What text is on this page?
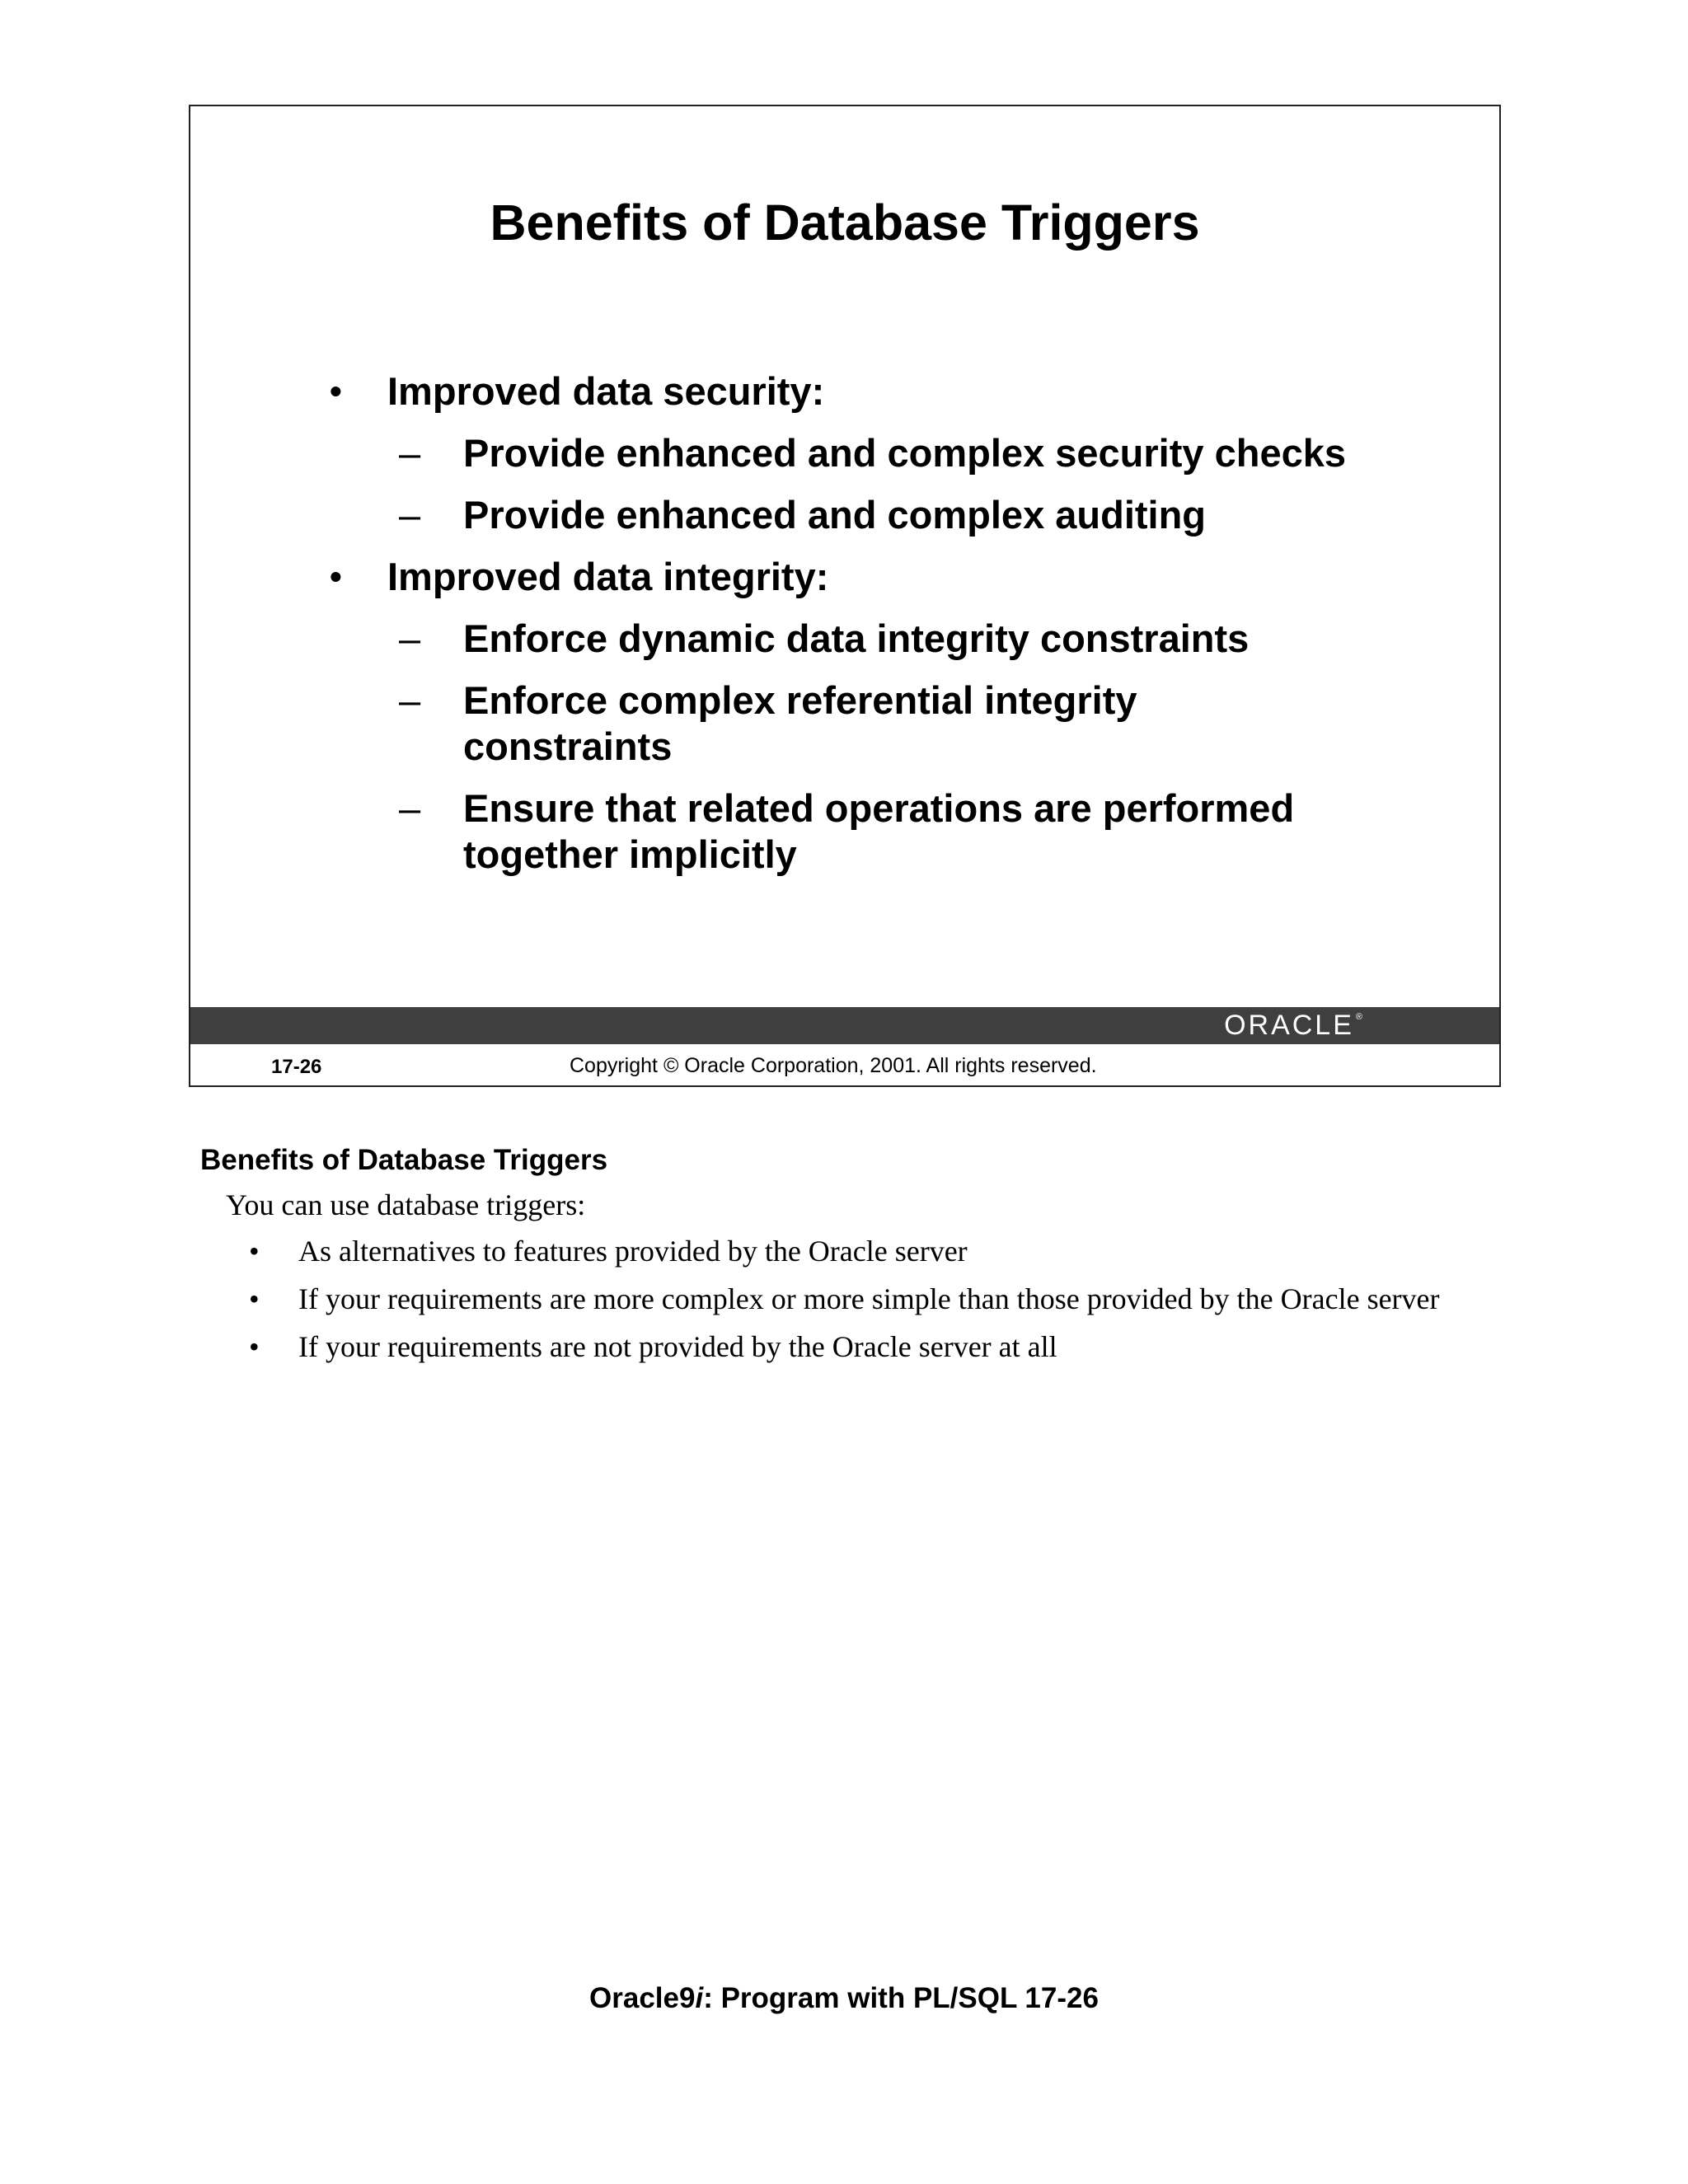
Benefits of Database Triggers
• Improved data security:
– Provide enhanced and complex security checks
– Provide enhanced and complex auditing
• Improved data integrity:
– Enforce dynamic data integrity constraints
– Enforce complex referential integrity constraints
– Ensure that related operations are performed together implicitly
ORACLE®
17-26	Copyright © Oracle Corporation, 2001. All rights reserved.
Benefits of Database Triggers
You can use database triggers:
• As alternatives to features provided by the Oracle server
• If your requirements are more complex or more simple than those provided by the Oracle server
• If your requirements are not provided by the Oracle server at all
Oracle9i: Program with PL/SQL 17-26
